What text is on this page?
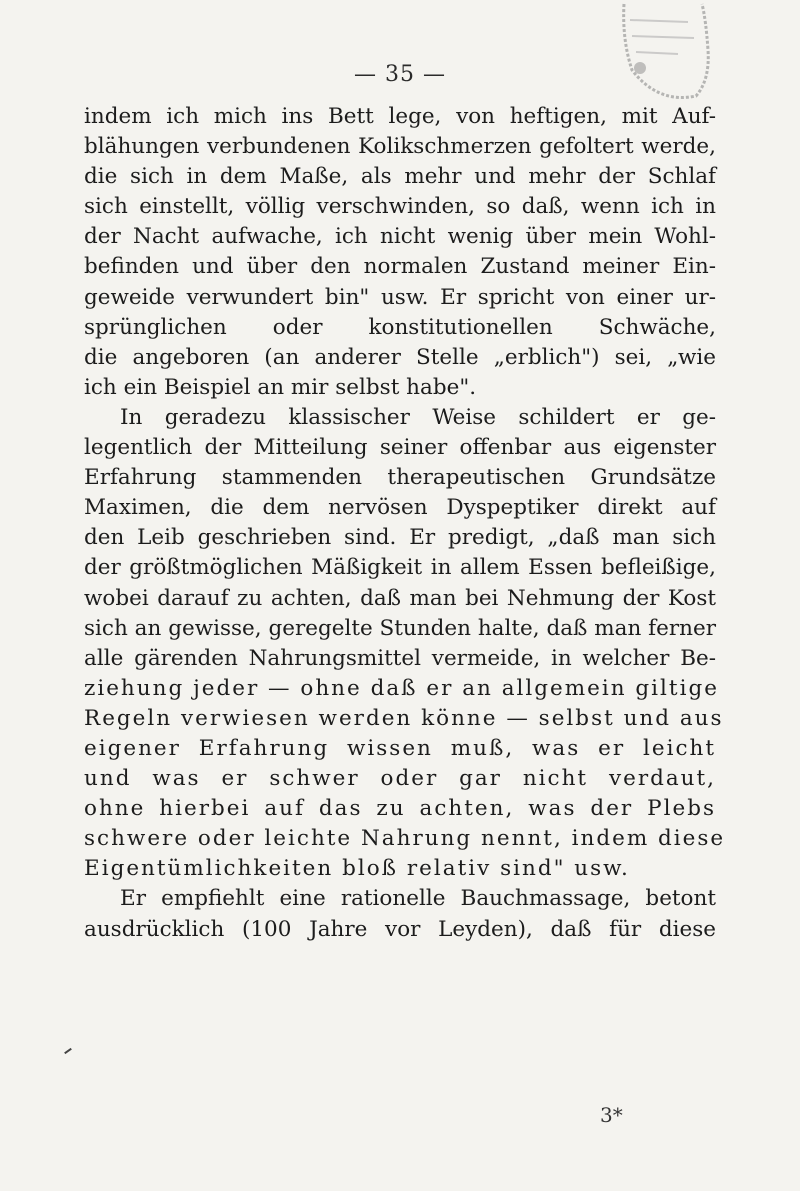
— 35 —
indem ich mich ins Bett lege, von heftigen, mit Auf-
blähungen verbundenen Kolikschmerzen gefoltert werde,
die sich in dem Maße, als mehr und mehr der Schlaf
sich einstellt, völlig verschwinden, so daß, wenn ich in
der Nacht aufwache, ich nicht wenig über mein Wohl-
befinden und über den normalen Zustand meiner Ein-
geweide verwundert bin" usw. Er spricht von einer ur-
sprünglichen oder konstitutionellen Schwäche,
die angeboren (an anderer Stelle „erblich") sei, „wie
ich ein Beispiel an mir selbst habe".
In geradezu klassischer Weise schildert er ge-
legentlich der Mitteilung seiner offenbar aus eigenster
Erfahrung stammenden therapeutischen Grundsätze
Maximen, die dem nervösen Dyspeptiker direkt auf
den Leib geschrieben sind. Er predigt, „daß man sich
der größtmöglichen Mäßigkeit in allem Essen befleißige,
wobei darauf zu achten, daß man bei Nehmung der Kost
sich an gewisse, geregelte Stunden halte, daß man ferner
alle gärenden Nahrungsmittel vermeide, in welcher Be-
ziehung jeder — ohne daß er an allgemein giltige
Regeln verwiesen werden könne — selbst und aus
eigener Erfahrung wissen muß, was er leicht
und was er schwer oder gar nicht verdaut,
ohne hierbei auf das zu achten, was der Plebs
schwere oder leichte Nahrung nennt, indem diese
Eigentümlichkeiten bloß relativ sind" usw.
Er empfiehlt eine rationelle Bauchmassage, betont
ausdrücklich (100 Jahre vor Leyden), daß für diese
3*
